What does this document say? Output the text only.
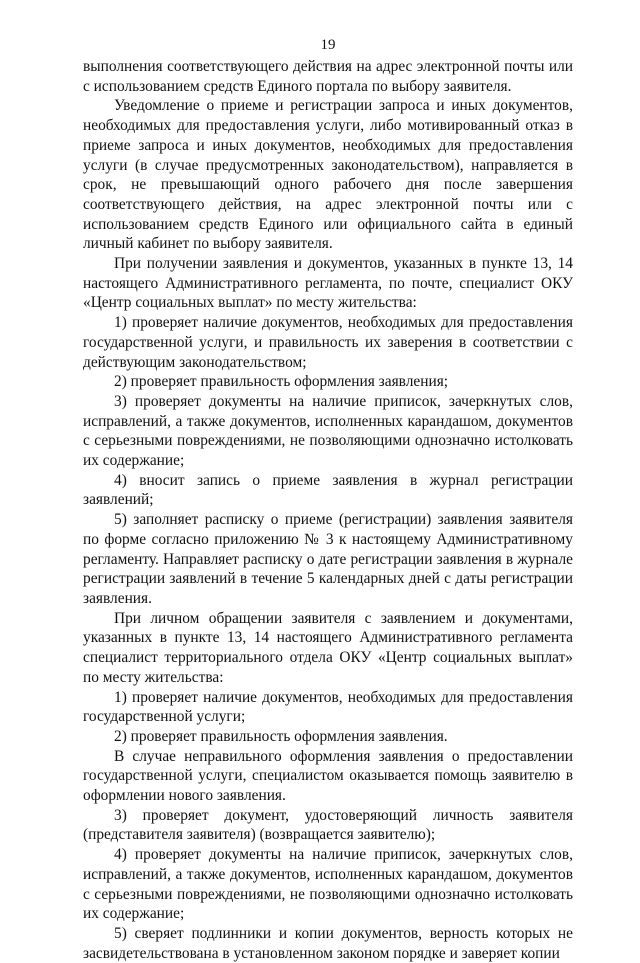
19

выполнения соответствующего действия на адрес электронной почты или с использованием средств Единого портала по выбору заявителя.

Уведомление о приеме и регистрации запроса и иных документов, необходимых для предоставления услуги, либо мотивированный отказ в приеме запроса и иных документов, необходимых для предоставления услуги (в случае предусмотренных законодательством), направляется в срок, не превышающий одного рабочего дня после завершения соответствующего действия, на адрес электронной почты или с использованием средств Единого или официального сайта в единый личный кабинет по выбору заявителя.

При получении заявления и документов, указанных в пункте 13, 14 настоящего Административного регламента, по почте, специалист ОКУ «Центр социальных выплат» по месту жительства:

1) проверяет наличие документов, необходимых для предоставления государственной услуги, и правильность их заверения в соответствии с действующим законодательством;

2) проверяет правильность оформления заявления;

3) проверяет документы на наличие приписок, зачеркнутых слов, исправлений, а также документов, исполненных карандашом, документов с серьезными повреждениями, не позволяющими однозначно истолковать их содержание;

4) вносит запись о приеме заявления в журнал регистрации заявлений;

5) заполняет расписку о приеме (регистрации) заявления заявителя по форме согласно приложению № 3 к настоящему Административному регламенту. Направляет расписку о дате регистрации заявления в журнале регистрации заявлений в течение 5 календарных дней с даты регистрации заявления.

При личном обращении заявителя с заявлением и документами, указанных в пункте 13, 14 настоящего Административного регламента специалист территориального отдела ОКУ «Центр социальных выплат» по месту жительства:

1) проверяет наличие документов, необходимых для предоставления государственной услуги;

2) проверяет правильность оформления заявления.

В случае неправильного оформления заявления о предоставлении государственной услуги, специалистом оказывается помощь заявителю в оформлении нового заявления.

3) проверяет документ, удостоверяющий личность заявителя (представителя заявителя) (возвращается заявителю);

4) проверяет документы на наличие приписок, зачеркнутых слов, исправлений, а также документов, исполненных карандашом, документов с серьезными повреждениями, не позволяющими однозначно истолковать их содержание;

5) сверяет подлинники и копии документов, верность которых не засвидетельствована в установленном законом порядке и заверяет копии
